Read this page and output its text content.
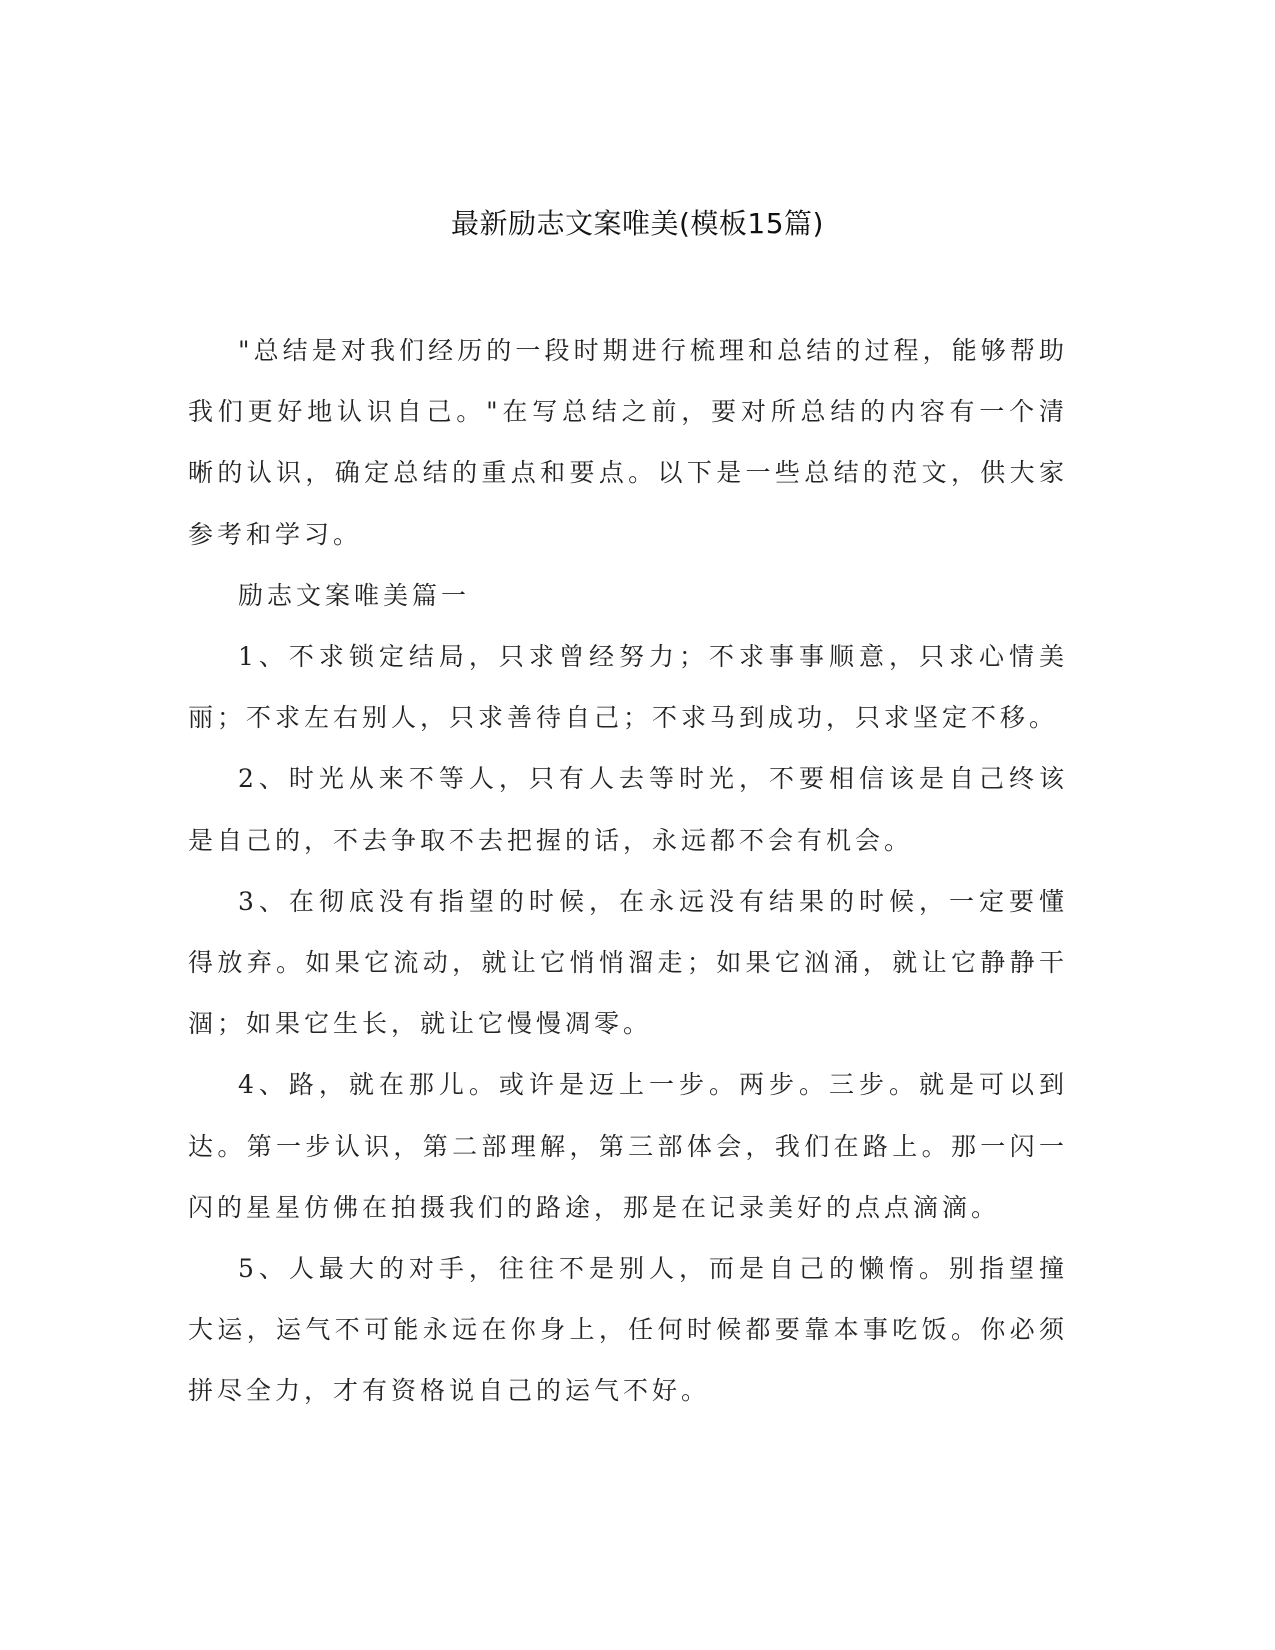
最新励志文案唯美(模板15篇)

"总结是对我们经历的一段时期进行梳理和总结的过程，能够帮助我们更好地认识自己。"在写总结之前，要对所总结的内容有一个清晰的认识，确定总结的重点和要点。以下是一些总结的范文，供大家参考和学习。

励志文案唯美篇一

1、不求锁定结局，只求曾经努力；不求事事顺意，只求心情美丽；不求左右别人，只求善待自己；不求马到成功，只求坚定不移。

2、时光从来不等人，只有人去等时光，不要相信该是自己终该是自己的，不去争取不去把握的话，永远都不会有机会。

3、在彻底没有指望的时候，在永远没有结果的时候，一定要懂得放弃。如果它流动，就让它悄悄溜走；如果它汹涌，就让它静静干涸；如果它生长，就让它慢慢凋零。

4、路，就在那儿。或许是迈上一步。两步。三步。就是可以到达。第一步认识，第二部理解，第三部体会，我们在路上。那一闪一闪的星星仿佛在拍摄我们的路途，那是在记录美好的点点滴滴。

5、人最大的对手，往往不是别人，而是自己的懒惰。别指望撞大运，运气不可能永远在你身上，任何时候都要靠本事吃饭。你必须拼尽全力，才有资格说自己的运气不好。
